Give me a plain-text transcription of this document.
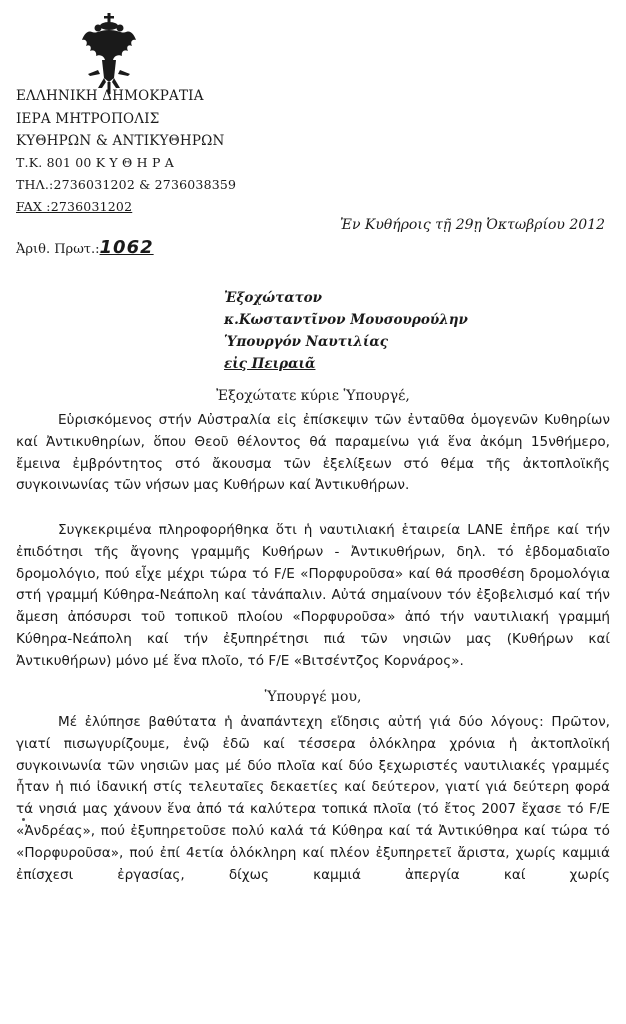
ΕΛΛΗΝΙΚΗ ΔΗΜΟΚΡΑΤΙΑ
ΙΕΡΑ ΜΗΤΡΟΠΟΛΙΣ
ΚΥΘΗΡΩΝ & ΑΝΤΙΚΥΘΗΡΩΝ
Τ.Κ. 801 00 Κ Υ Θ Η Ρ Α
ΤΗΛ.:2736031202 & 2736038359
FAX :2736031202
Ἐν Κυθήροις τῇ 29ῃ Ὀκτωβρίου 2012
Ἀριθ. Πρωτ.:1062
Ἐξοχώτατον
κ.Κωσταντῖνον Μουσουρούλην
Ὑπουργόν Ναυτιλίας
εἰς Πειραιᾶ
Ἐξοχώτατε κύριε Ὑπουργέ,

Εὑρισκόμενος στήν Αὐστραλία εἰς ἐπίσκεψιν τῶν ἐνταῦθα ὁμογενῶν Κυθηρίων καί Ἀντικυθηρίων, ὅπου Θεοῦ θέλοντος θά παραμείνω γιά ἕνα ἀκόμη 15νθήμερο, ἔμεινα ἐμβρόντητος στό ἄκουσμα τῶν ἐξελίξεων στό θέμα τῆς ἀκτοπλοϊκῆς συγκοινωνίας τῶν νήσων μας Κυθήρων καί Ἀντικυθήρων.

Συγκεκριμένα πληροφορήθηκα ὅτι ἡ ναυτιλιακή ἑταιρεία LANE ἐπῆρε καί τήν ἐπιδότησι τῆς ἄγονης γραμμῆς Κυθήρων - Ἀντικυθήρων, δηλ. τό ἑβδομαδιαῖο δρομολόγιο, πού εἶχε μέχρι τώρα τό F/E «Πορφυροῦσα» καί θά προσθέση δρομολόγια στή γραμμή Κύθηρα-Νεάπολη καί τἀνάπαλιν. Αὐτά σημαίνουν τόν ἐξοβελισμό καί τήν ἄμεση ἀπόσυρσι τοῦ τοπικοῦ πλοίου «Πορφυροῦσα» ἀπό τήν ναυτιλιακή γραμμή Κύθηρα-Νεάπολη καί τήν ἐξυπηρέτησι πιά τῶν νησιῶν μας (Κυθήρων καί Ἀντικυθήρων) μόνο μέ ἕνα πλοῖο, τό F/E «Βιτσέντζος Κορνάρος».

Ὑπουργέ μου,

Μέ ἐλύπησε βαθύτατα ἡ ἀναπάντεχη εἴδησις αὐτή γιά δύο λόγους: Πρῶτον, γιατί πισωγυρίζουμε, ἐνῷ ἐδῶ καί τέσσερα ὁλόκληρα χρόνια ἡ ἀκτοπλοϊκή συγκοινωνία τῶν νησιῶν μας μέ δύο πλοῖα καί δύο ξεχωριστές ναυτιλιακές γραμμές ἦταν ἡ πιό ἰδανική στίς τελευταῖες δεκαετίες καί δεύτερον, γιατί γιά δεύτερη φορά τά νησιά μας χάνουν ἕνα ἀπό τά καλύτερα τοπικά πλοῖα (τό ἔτος 2007 ἔχασε τό F/E «Ἀνδρέας», πού ἐξυπηρετοῦσε πολύ καλά τά Κύθηρα καί τά Ἀντικύθηρα καί τώρα τό «Πορφυροῦσα», πού ἐπί 4ετία ὁλόκληρη καί πλέον ἐξυπηρετεῖ ἄριστα, χωρίς καμμιά ἐπίσχεσι ἐργασίας, δίχως καμμιά ἀπεργία καί χωρίς
